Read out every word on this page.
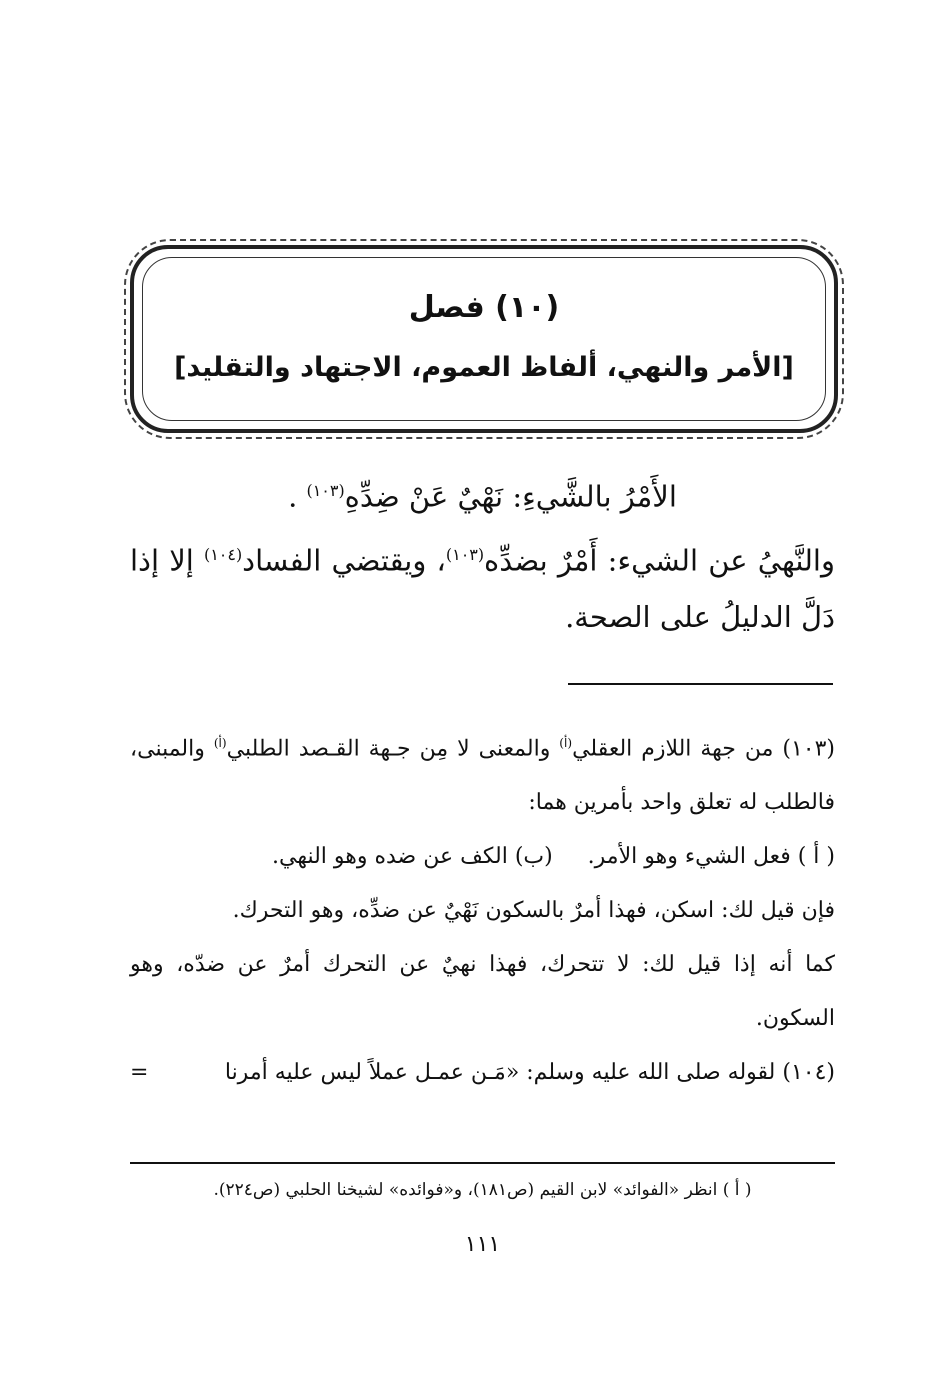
(١٠) فصل
[الأمر والنهي، ألفاظ العموم، الاجتهاد والتقليد]

الأَمْرُ بالشَّيءِ: نَهْيٌ عَنْ ضِدِّهِ$^{(١٠٣)}$ .

والنَّهيُ عن الشيء: أَمْرٌ بضدِّه$^{(١٠٣)}$، ويقتضي الفساد$^{(١٠٤)}$ إلا إذا دَلَّ الدليلُ على الصحة.

(١٠٣) من جهة اللازم العقلي$^{(أ)}$ والمعنى لا مِن جـهة القـصد الطلبي$^{(أ)}$ والمبنى، فالطلب له تعلق واحد بأمرين هما:

( أ ) فعل الشيء وهو الأمر.     (ب) الكف عن ضده وهو النهي.

فإن قيل لك: اسكن، فهذا أمرٌ بالسكون نَهْيٌ عن ضدِّه، وهو التحرك.

كما أنه إذا قيل لك: لا تتحرك، فهذا نهيٌ عن التحرك أمرٌ عن ضدّه، وهو السكون.

(١٠٤) لقوله صلى الله عليه وسلم: «مَـن عمـل عملاً ليس عليه أمرنا
=
( أ ) انظر «الفوائد» لابن القيم (ص١٨١)، و«فوائده» لشيخنا الحلبي (ص٢٢٤).
١١١
